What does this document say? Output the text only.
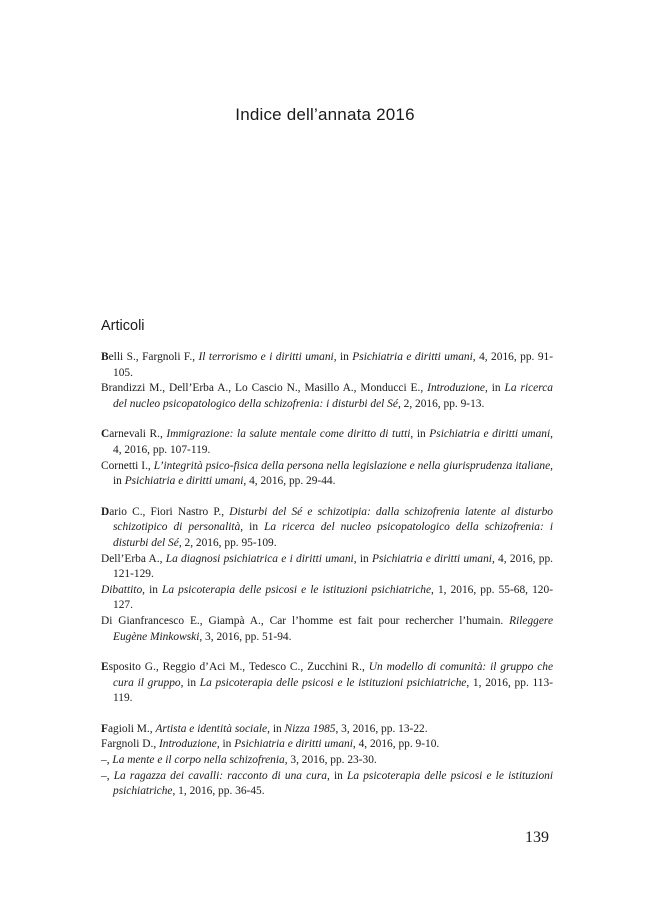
Indice dell’annata 2016
Articoli

Belli S., Fargnoli F., Il terrorismo e i diritti umani, in Psichiatria e diritti umani, 4, 2016, pp. 91-105.

Brandizzi M., Dell’Erba A., Lo Cascio N., Masillo A., Monducci E., Introduzione, in La ricerca del nucleo psicopatologico della schizofrenia: i disturbi del Sé, 2, 2016, pp. 9-13.

Carnevali R., Immigrazione: la salute mentale come diritto di tutti, in Psichiatria e diritti umani, 4, 2016, pp. 107-119.

Cornetti I., L’integrità psico-fisica della persona nella legislazione e nella giurisprudenza italiane, in Psichiatria e diritti umani, 4, 2016, pp. 29-44.

Dario C., Fiori Nastro P., Disturbi del Sé e schizotipia: dalla schizofrenia latente al disturbo schizotipico di personalità, in La ricerca del nucleo psicopatologico della schizofrenia: i disturbi del Sé, 2, 2016, pp. 95-109.

Dell’Erba A., La diagnosi psichiatrica e i diritti umani, in Psichiatria e diritti umani, 4, 2016, pp. 121-129.

Dibattito, in La psicoterapia delle psicosi e le istituzioni psichiatriche, 1, 2016, pp. 55-68, 120-127.

Di Gianfrancesco E., Giampà A., Car l’homme est fait pour rechercher l’humain. Rileggere Eugène Minkowski, 3, 2016, pp. 51-94.

Esposito G., Reggio d’Aci M., Tedesco C., Zucchini R., Un modello di comunità: il gruppo che cura il gruppo, in La psicoterapia delle psicosi e le istituzioni psichiatriche, 1, 2016, pp. 113-119.

Fagioli M., Artista e identità sociale, in Nizza 1985, 3, 2016, pp. 13-22.

Fargnoli D., Introduzione, in Psichiatria e diritti umani, 4, 2016, pp. 9-10.

–, La mente e il corpo nella schizofrenia, 3, 2016, pp. 23-30.

–, La ragazza dei cavalli: racconto di una cura, in La psicoterapia delle psicosi e le istituzioni psichiatriche, 1, 2016, pp. 36-45.

139
